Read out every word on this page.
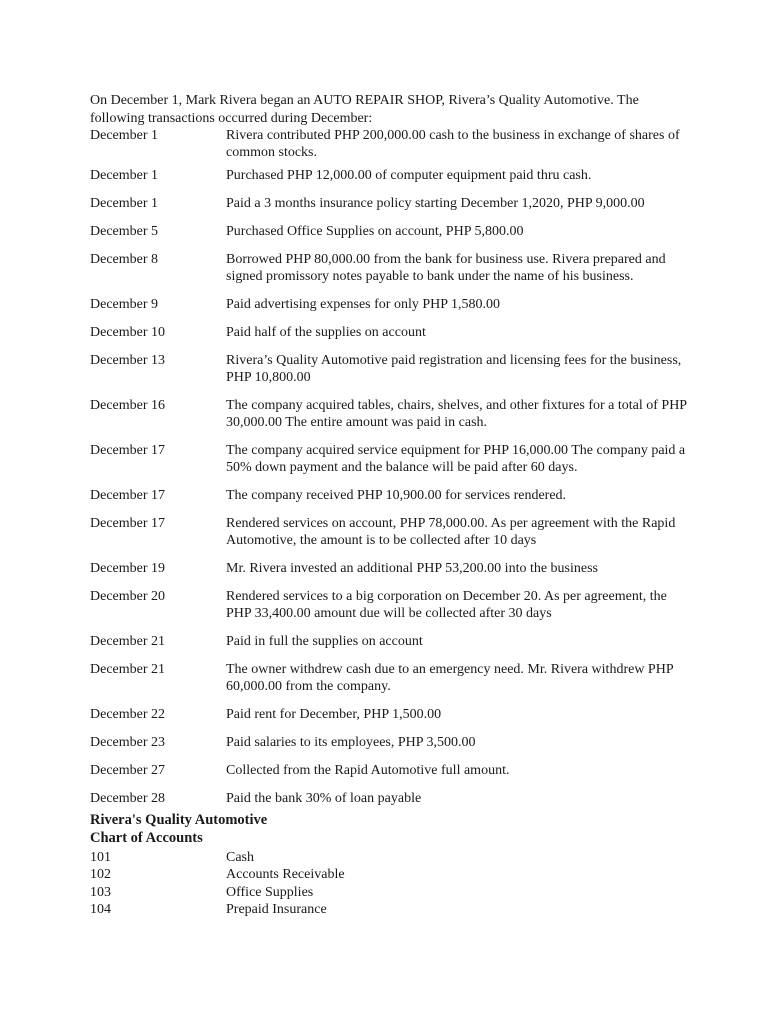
On December 1, Mark Rivera began an AUTO REPAIR SHOP, Rivera’s Quality Automotive. The following transactions occurred during December:

December 1	Rivera contributed PHP 200,000.00 cash to the business in exchange of shares of common stocks.
December 1	Purchased PHP 12,000.00 of computer equipment paid thru cash.
December 1	Paid a 3 months insurance policy starting December 1,2020, PHP 9,000.00
December 5	Purchased Office Supplies on account, PHP 5,800.00
December 8	Borrowed PHP 80,000.00 from the bank for business use. Rivera prepared and signed promissory notes payable to bank under the name of his business.
December 9	Paid advertising expenses for only PHP 1,580.00
December 10	Paid half of the supplies on account
December 13	Rivera’s Quality Automotive paid registration and licensing fees for the business, PHP 10,800.00
December 16	The company acquired tables, chairs, shelves, and other fixtures for a total of PHP 30,000.00 The entire amount was paid in cash.
December 17	The company acquired service equipment for PHP 16,000.00 The company paid a 50% down payment and the balance will be paid after 60 days.
December 17	The company received PHP 10,900.00 for services rendered.
December 17	Rendered services on account, PHP 78,000.00. As per agreement with the Rapid Automotive, the amount is to be collected after 10 days
December 19	Mr. Rivera invested an additional PHP 53,200.00 into the business
December 20	Rendered services to a big corporation on December 20. As per agreement, the PHP 33,400.00 amount due will be collected after 30 days
December 21	Paid in full the supplies on account
December 21	The owner withdrew cash due to an emergency need. Mr. Rivera withdrew PHP 60,000.00 from the company.
December 22	Paid rent for December, PHP 1,500.00
December 23	Paid salaries to its employees, PHP 3,500.00
December 27	Collected from the Rapid Automotive full amount.
December 28	Paid the bank 30% of loan payable
Rivera's Quality Automotive
Chart of Accounts
101	Cash
102	Accounts Receivable
103	Office Supplies
104	Prepaid Insurance
